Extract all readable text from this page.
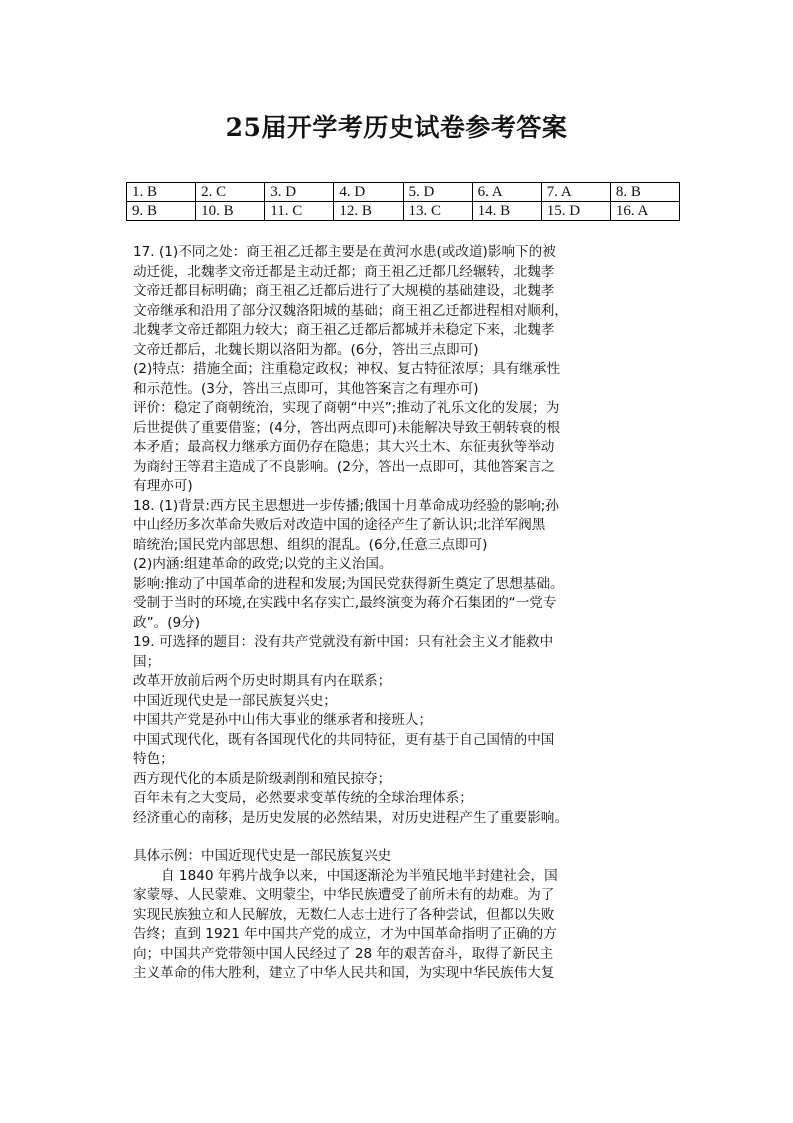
25届开学考历史试卷参考答案
1. B	2. C	3. D	4. D	5. D	6. A	7. A	8. B
9. B	10. B	11. C	12. B	13. C	14. B	15. D	16. A
17. (1)不同之处：商王祖乙迁都主要是在黄河水患(或改道)影响下的被
动迁徙，北魏孝文帝迁都是主动迁都；商王祖乙迁都几经辗转，北魏孝
文帝迁都目标明确；商王祖乙迁都后进行了大规模的基础建设，北魏孝
文帝继承和沿用了部分汉魏洛阳城的基础；商王祖乙迁都进程相对顺利，
北魏孝文帝迁都阻力较大；商王祖乙迁都后都城并未稳定下来，北魏孝
文帝迁都后，北魏长期以洛阳为都。(6分，答出三点即可)
(2)特点：措施全面；注重稳定政权；神权、复古特征浓厚；具有继承性
和示范性。(3分，答出三点即可，其他答案言之有理亦可)
评价：稳定了商朝统治，实现了商朝“中兴”;推动了礼乐文化的发展；为
后世提供了重要借鉴；(4分，答出两点即可)未能解决导致王朝转衰的根
本矛盾；最高权力继承方面仍存在隐患；其大兴土木、东征夷狄等举动
为商纣王等君主造成了不良影响。(2分，答出一点即可，其他答案言之
有理亦可)
18. (1)背景:西方民主思想进一步传播;俄国十月革命成功经验的影响;孙
中山经历多次革命失败后对改造中国的途径产生了新认识;北洋军阀黑
暗统治;国民党内部思想、组织的混乱。(6分,任意三点即可)
(2)内涵:组建革命的政党;以党的主义治国。
影响:推动了中国革命的进程和发展;为国民党获得新生奠定了思想基础。
受制于当时的环境,在实践中名存实亡,最终演变为蒋介石集团的“一党专
政”。(9分)
19. 可选择的题目：没有共产党就没有新中国：只有社会主义才能救中
国；
改革开放前后两个历史时期具有内在联系；
中国近现代史是一部民族复兴史；
中国共产党是孙中山伟大事业的继承者和接班人；
中国式现代化，既有各国现代化的共同特征，更有基于自己国情的中国
特色；
西方现代化的本质是阶级剥削和殖民掠夺；
百年未有之大变局，必然要求变革传统的全球治理体系；
经济重心的南移，是历史发展的必然结果，对历史进程产生了重要影响。
具体示例：中国近现代史是一部民族复兴史
自 1840 年鸦片战争以来，中国逐渐沦为半殖民地半封建社会，国
家蒙辱、人民蒙难、文明蒙尘，中华民族遭受了前所未有的劫难。为了
实现民族独立和人民解放，无数仁人志士进行了各种尝试，但都以失败
告终；直到 1921 年中国共产党的成立，才为中国革命指明了正确的方
向；中国共产党带领中国人民经过了 28 年的艰苦奋斗，取得了新民主
主义革命的伟大胜利，建立了中华人民共和国，为实现中华民族伟大复
